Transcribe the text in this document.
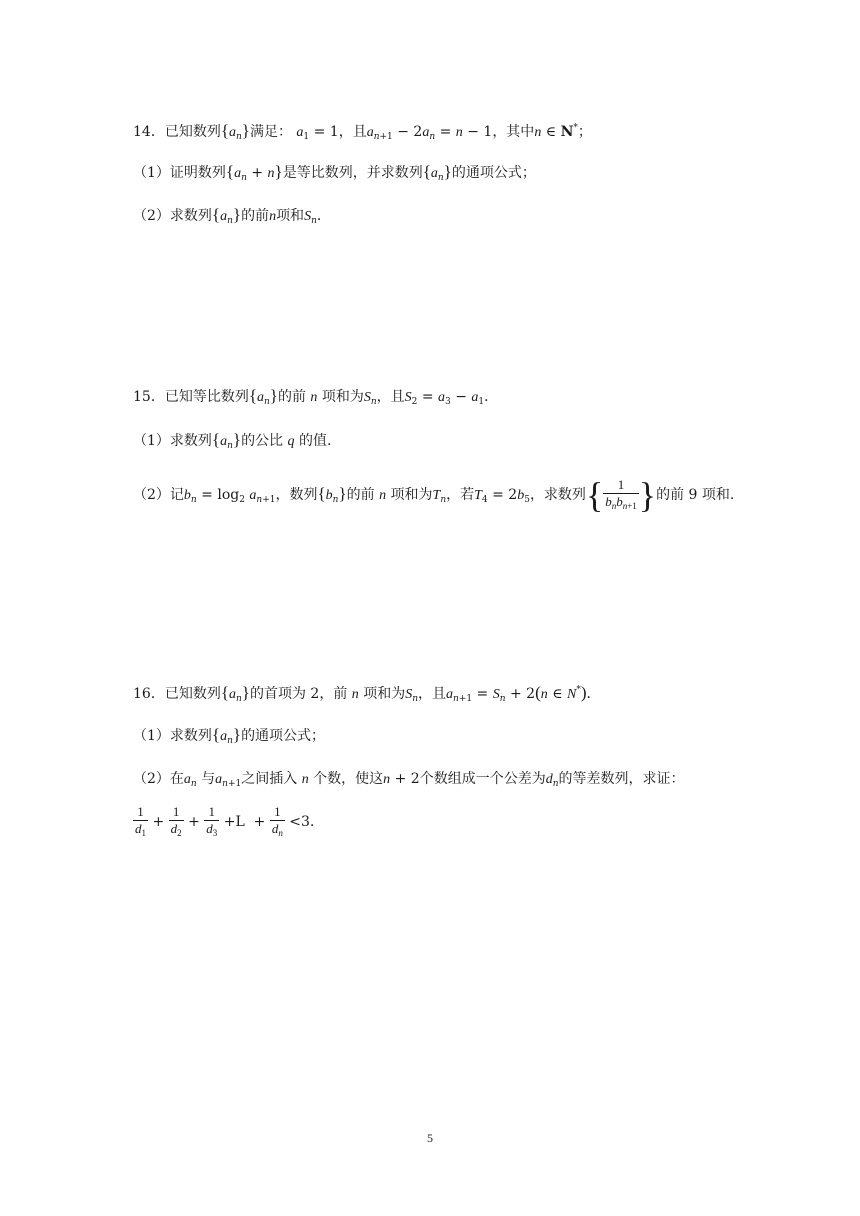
14．已知数列$\{a_n\}$满足： $a_1 = 1$，且$a_{n+1} - 2a_n = n - 1$，其中n ∈ N*；
（1）证明数列$\{a_n + n\}$是等比数列，并求数列$\{a_n\}$的通项公式；
（2）求数列$\{a_n\}$的前n项和$S_n$．
15．已知等比数列$\{a_n\}$的前 n 项和为$S_n$，且$S_2 = a_3 - a_1$．
（1）求数列$\{a_n\}$的公比 q 的值.
（2）记$b_n = \log_2 a_{n+1}$，数列$\{b_n\}$的前 n 项和为$T_n$，若$T_4 = 2b_5$，求数列{ $\frac{1}{b_nb_{n+1}}$ }的前 9 项和.
16．已知数列$\{a_n\}$的首项为 2，前 n 项和为$S_n$，且$a_{n+1} = S_n + 2(n$ ∈ N*)．
（1）求数列$\{a_n\}$的通项公式；
（2）在$a_n$ 与$a_{n+1}$之间插入 n 个数，使这n + 2个数组成一个公差为$d_n$的等差数列，求证：
$\frac{1}{d_1} + \frac{1}{d_2} + \frac{1}{d_3} +L + \frac{1}{d_n} <3$．
5
